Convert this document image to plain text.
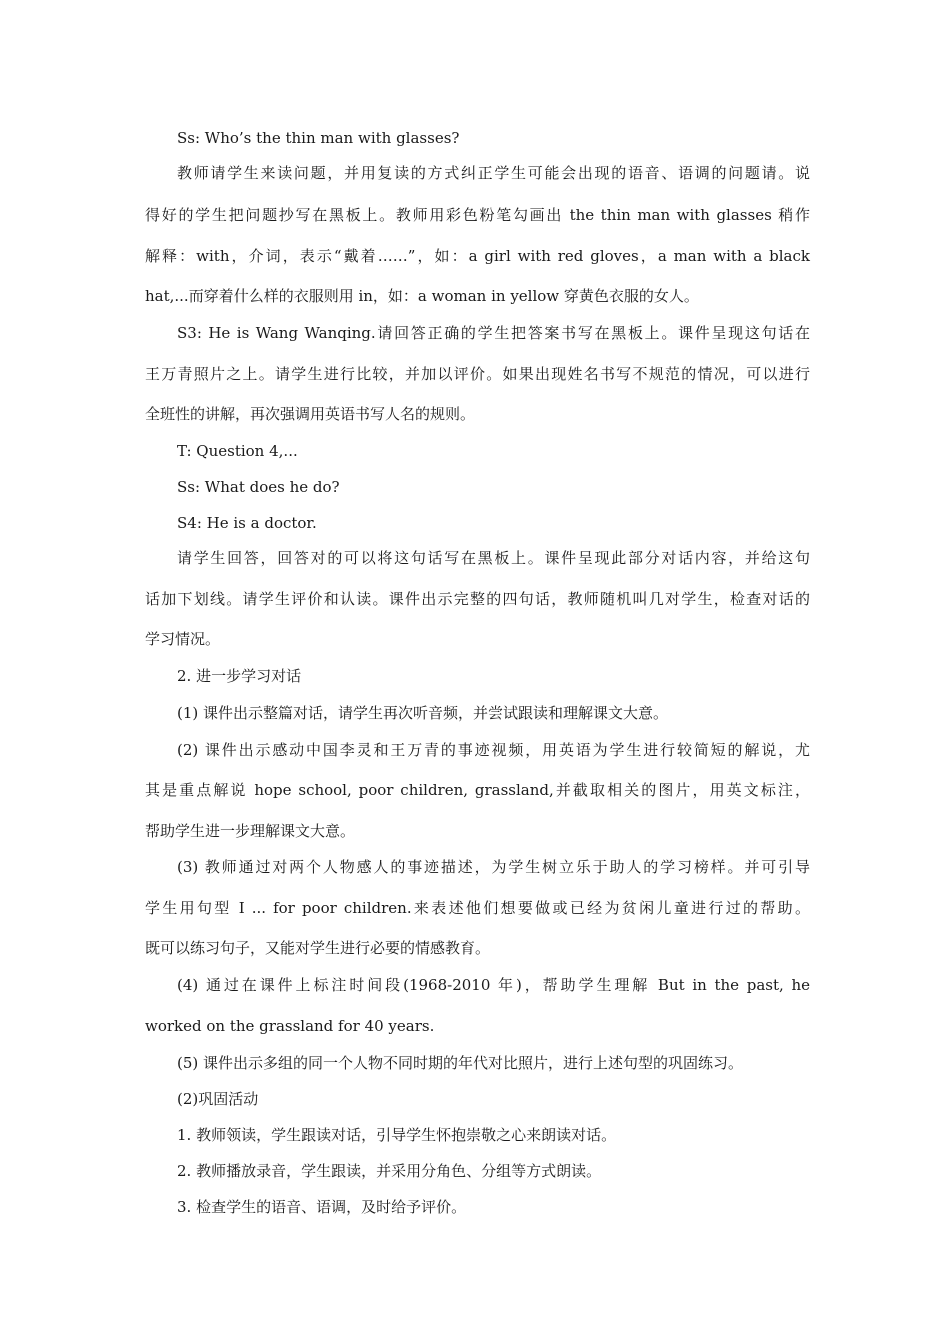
Ss: Who’s the thin man with glasses?
教师请学生来读问题，并用复读的方式纠正学生可能会出现的语音、语调的问题请。说
得好的学生把问题抄写在黑板上。教师用彩色粉笔勾画出 the thin man with glasses 稍作
解释：with，介词，表示“戴着……”，如：a girl with red gloves，a man with a black
hat,...而穿着什么样的衣服则用 in，如：a woman in yellow 穿黄色衣服的女人。
S3: He is Wang Wanqing.请回答正确的学生把答案书写在黑板上。课件呈现这句话在
王万青照片之上。请学生进行比较，并加以评价。如果出现姓名书写不规范的情况，可以进行
全班性的讲解，再次强调用英语书写人名的规则。
T: Question 4,...
Ss: What does he do?
S4: He is a doctor.
请学生回答，回答对的可以将这句话写在黑板上。课件呈现此部分对话内容，并给这句
话加下划线。请学生评价和认读。课件出示完整的四句话，教师随机叫几对学生，检查对话的
学习情况。
2. 进一步学习对话
(1) 课件出示整篇对话，请学生再次听音频，并尝试跟读和理解课文大意。
(2) 课件出示感动中国李灵和王万青的事迹视频，用英语为学生进行较简短的解说，尤
其是重点解说 hope school, poor children, grassland,并截取相关的图片，用英文标注，
帮助学生进一步理解课文大意。
(3) 教师通过对两个人物感人的事迹描述，为学生树立乐于助人的学习榜样。并可引导
学生用句型 I ... for poor children.来表述他们想要做或已经为贫闲儿童进行过的帮助。
既可以练习句子，又能对学生进行必要的情感教育。
(4) 通过在课件上标注时间段(1968-2010 年)，帮助学生理解 But in the past, he
worked on the grassland for 40 years.
(5) 课件出示多组的同一个人物不同时期的年代对比照片，进行上述句型的巩固练习。
(2)巩固活动
1. 教师领读，学生跟读对话，引导学生怀抱崇敬之心来朗读对话。
2. 教师播放录音，学生跟读，并采用分角色、分组等方式朗读。
3. 检查学生的语音、语调，及时给予评价。
